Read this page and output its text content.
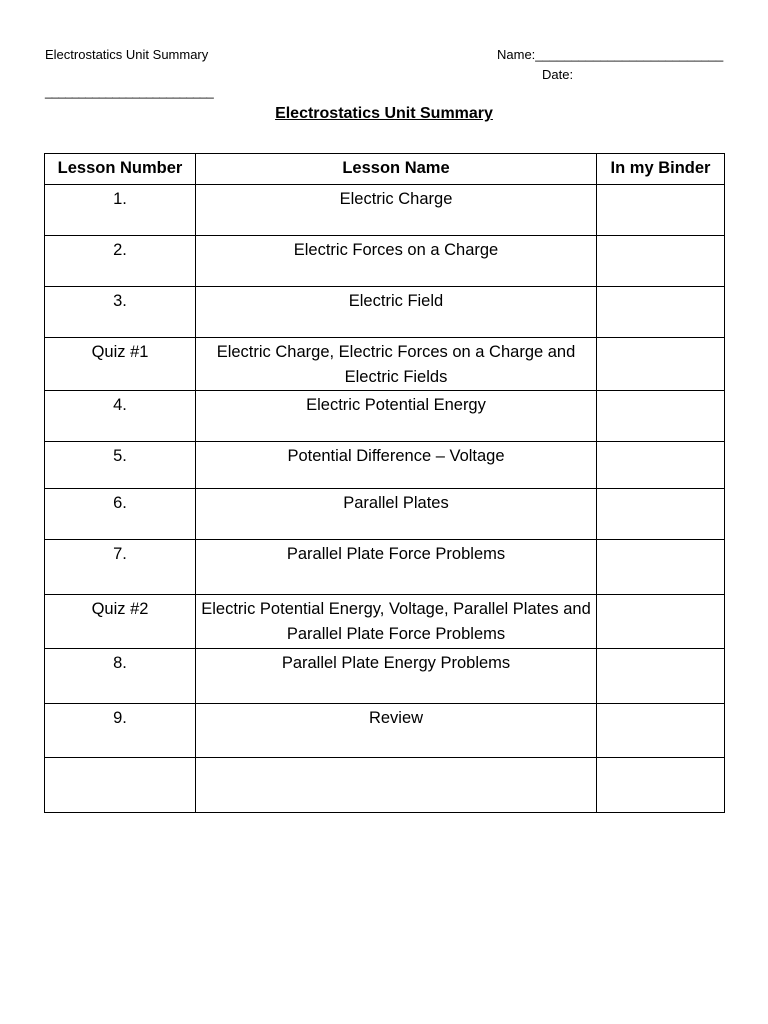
Electrostatics Unit Summary	Name:__________________________
Date:
_________________________
Electrostatics Unit Summary
Lesson Number	Lesson Name	In my Binder
1.	Electric Charge	
2.	Electric Forces on a Charge	
3.	Electric Field	
Quiz #1	Electric Charge, Electric Forces on a Charge and Electric Fields	
4.	Electric Potential Energy	
5.	Potential Difference – Voltage	
6.	Parallel Plates	
7.	Parallel Plate Force Problems	
Quiz #2	Electric Potential Energy, Voltage, Parallel Plates and Parallel Plate Force Problems	
8.	Parallel Plate Energy Problems	
9.	Review	
